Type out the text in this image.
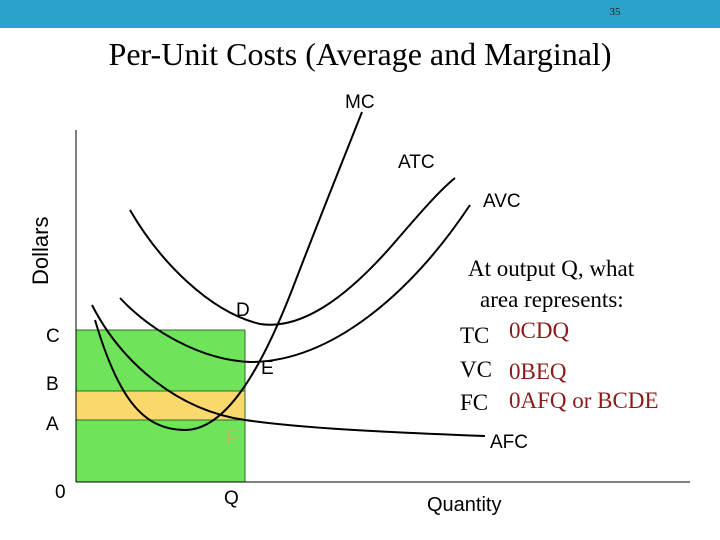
35
Per-Unit Costs (Average and Marginal)
MC
ATC
AVC
AFC
Dollars
Quantity
C
B
A
0	Q
D
E
F
At output Q, what
area represents:
TC 0CDQ
VC 0BEQ
FC 0AFQ or BCDE
